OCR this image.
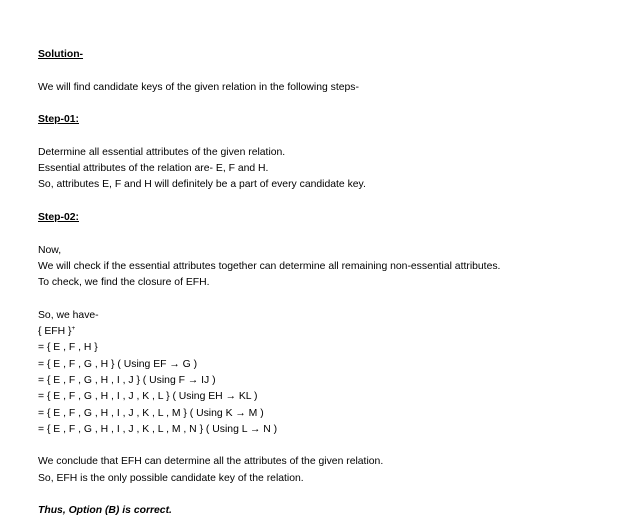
Solution-
We will find candidate keys of the given relation in the following steps-
Step-01:
Determine all essential attributes of the given relation.
Essential attributes of the relation are- E, F and H.
So, attributes E, F and H will definitely be a part of every candidate key.
Step-02:
Now,
We will check if the essential attributes together can determine all remaining non-essential attributes.
To check, we find the closure of EFH.
So, we have-
{ EFH }+
= { E , F , H }
= { E , F , G , H } ( Using EF → G )
= { E , F , G , H , I , J } ( Using F → IJ )
= { E , F , G , H , I , J , K , L } ( Using EH → KL )
= { E , F , G , H , I , J , K , L , M } ( Using K → M )
= { E , F , G , H , I , J , K , L , M , N } ( Using L → N )
We conclude that EFH can determine all the attributes of the given relation.
So, EFH is the only possible candidate key of the relation.
Thus, Option (B) is correct.
